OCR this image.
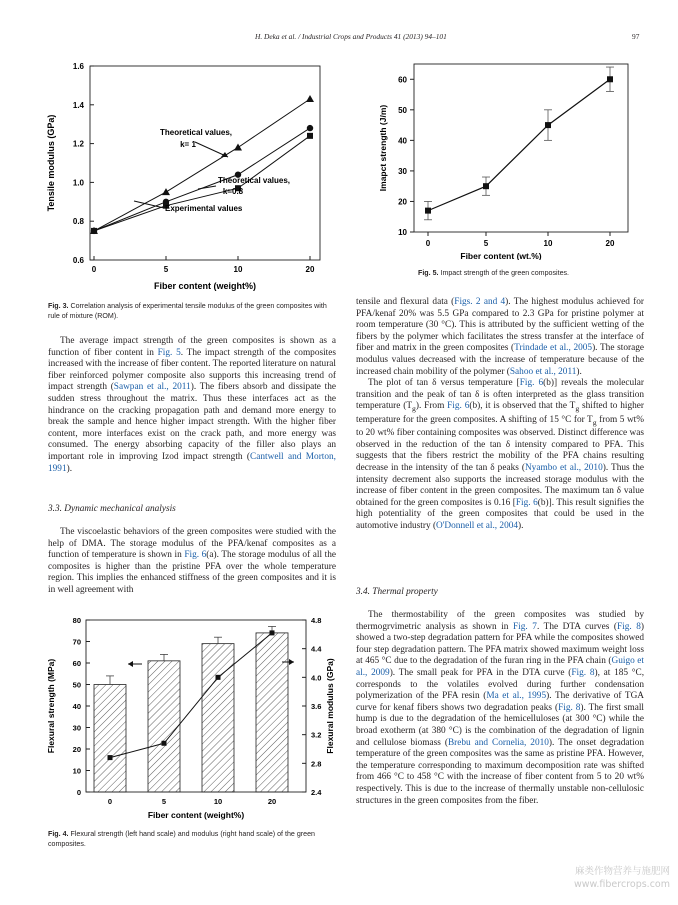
H. Deka et al. / Industrial Crops and Products 41 (2013) 94–101	97
0.6
0.8
1.0
1.2
1.4
1.6
0	5	10	20
Theoretical values,
k= 1
Theoretical values,
k=0.8
Experimental values
Fiber content (weight%)
Tensile modulus (GPa)
Fig. 3. Correlation analysis of experimental tensile modulus of the green composites with rule of mixture (ROM).
10
20
30
40
50
60
0	5	10	20
Fiber content (wt.%)
Imapct strength (J/m)
Fig. 5. Impact strength of the green composites.

The average impact strength of the green composites is shown as a function of fiber content in Fig. 5. The impact strength of the composites increased with the increase of fiber content. The reported literature on natural fiber reinforced polymer composite also supports this increasing trend of impact strength (Sawpan et al., 2011). The fibers absorb and dissipate the sudden stress throughout the matrix. Thus these interfaces act as the hindrance on the cracking propagation path and demand more energy to break the sample and hence higher impact strength. With the higher fiber content, more interfaces exist on the crack path, and more energy was consumed. The energy absorbing capacity of the filler also plays an important role in improving Izod impact strength (Cantwell and Morton, 1991).

3.3. Dynamic mechanical analysis

The viscoelastic behaviors of the green composites were studied with the help of DMA. The storage modulus of the PFA/kenaf composites as a function of temperature is shown in Fig. 6(a). The storage modulus of all the composites is higher than the pristine PFA over the whole temperature region. This implies the enhanced stiffness of the green composites and it is in well agreement with

0
10
20
30
40
50
60
70
80
2.4
2.8
3.2
3.6
4.0
4.4
4.8
0	5	10	20
Fiber content (weight%)
Flexural strength (MPa)	Flexural modulus (GPa)
Fig. 4. Flexural strength (left hand scale) and modulus (right hand scale) of the green composites.

tensile and flexural data (Figs. 2 and 4). The highest modulus achieved for PFA/kenaf 20% was 5.5 GPa compared to 2.3 GPa for pristine polymer at room temperature (30 °C). This is attributed by the sufficient wetting of the fibers by the polymer which facilitates the stress transfer at the interface of fiber and matrix in the green composites (Trindade et al., 2005). The storage modulus values decreased with the increase of temperature because of the increased chain mobility of the polymer (Sahoo et al., 2011).

The plot of tan δ versus temperature [Fig. 6(b)] reveals the molecular transition and the peak of tan δ is often interpreted as the glass transition temperature $(T_g)$. From Fig. 6(b), it is observed that the $T_g$ shifted to higher temperature for the green composites. A shifting of 15 °C for $T_g$ from 5 wt% to 20 wt% fiber containing composites was observed. Distinct difference was observed in the reduction of the tan δ intensity compared to PFA. This suggests that the fibers restrict the mobility of the PFA chains resulting decrease in the intensity of the tan δ peaks (Nyambo et al., 2010). Thus the intensity decrement also supports the increased storage modulus with the increase of fiber content in the green composites. The maximum tan δ value obtained for the green composites is 0.16 [Fig. 6(b)]. This result signifies the high potentiality of the green composites that could be used in the automotive industry (O'Donnell et al., 2004).

3.4. Thermal property

The thermostability of the green composites was studied by thermogrvimetric analysis as shown in Fig. 7. The DTA curves (Fig. 8) showed a two-step degradation pattern for PFA while the composites showed four step degradation pattern. The PFA matrix showed maximum weight loss at 465 °C due to the degradation of the furan ring in the PFA chain (Guigo et al., 2009). The small peak for PFA in the DTA curve (Fig. 8), at 185 °C, corresponds to the volatiles evolved during further condensation polymerization of the PFA resin (Ma et al., 1995). The derivative of TGA curve for kenaf fibers shows two degradation peaks (Fig. 8). The first small hump is due to the degradation of the hemicelluloses (at 300 °C) while the broad exotherm (at 380 °C) is the combination of the degradation of lignin and cellulose biomass (Brebu and Cornelia, 2010). The onset degradation temperature of the green composites was the same as pristine PFA. However, the temperature corresponding to maximum decomposition rate was shifted from 466 °C to 458 °C with the increase of fiber content from 5 to 20 wt% respectively. This is due to the increase of thermally unstable non-cellulosic structures in the green composites from the fiber.

麻类作物营养与施肥网
www.fibercrops.com
